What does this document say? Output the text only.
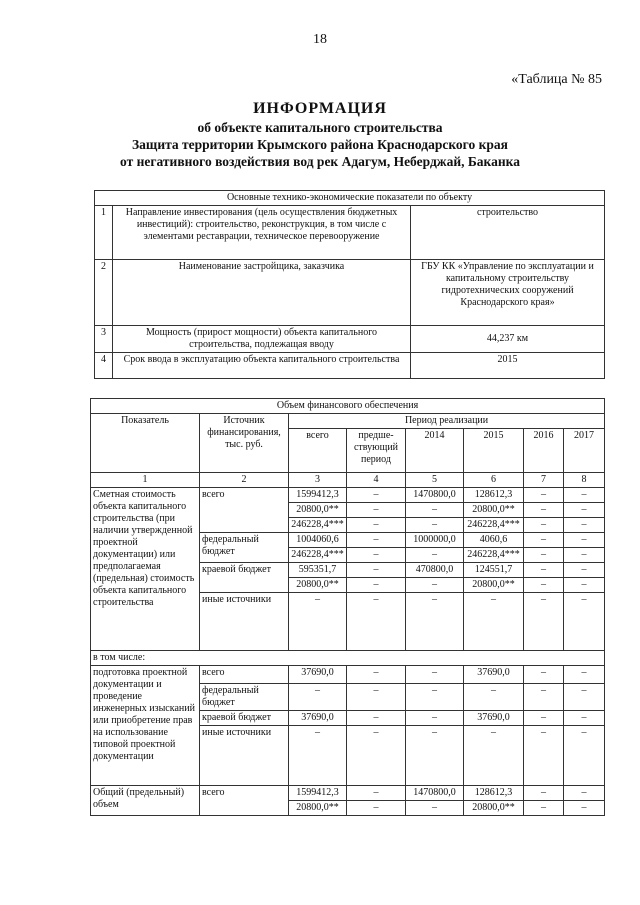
18
«Таблица № 85
ИНФОРМАЦИЯ
об объекте капитального строительства
Защита территории Крымского района Краснодарского края
от негативного воздействия вод рек Адагум, Неберджай, Баканка
Основные технико-экономические показатели по объекту		
1	Направление инвестирования (цель осуществления бюджетных инвестиций): строительство, реконструкция, в том числе с элементами реставрации, техническое перевооружение	строительство
2	Наименование застройщика, заказчика	ГБУ КК «Управление по эксплуатации и капитальному строительству гидротехнических сооружений Краснодарского края»
3	Мощность (прирост мощности) объекта капитального строительства, подлежащая вводу	44,237 км
4	Срок ввода в эксплуатацию объекта капитального строительства	2015
Объем финансового обеспечения							
Показатель	Источник финансирования, тыс. руб.	Период реализации					
		всего	предше-ствующий период	2014	2015	2016	2017
1	2	3	4	5	6	7	8
Сметная стоимость объекта капитального строительства (при наличии утвержденной проектной документации) или предполагаемая (предельная) стоимость объекта капитального строительства	всего	1599412,3	–	1470800,0	128612,3	–	–
		20800,0**	–	–	20800,0**	–	–
		246228,4***	–	–	246228,4***	–	–
	федеральный бюджет	1004060,6	–	1000000,0	4060,6	–	–
		246228,4***	–	–	246228,4***	–	–
	краевой бюджет	595351,7	–	470800,0	124551,7	–	–
		20800,0**	–	–	20800,0**	–	–
	иные источники	–	–	–	–	–	–
в том числе:							
подготовка проектной документации и проведение инженерных изысканий или приобретение прав на использование типовой проектной документации	всего	37690,0	–	–	37690,0	–	–
	федеральный бюджет	–	–	–	–	–	–
	краевой бюджет	37690,0	–	–	37690,0	–	–
	иные источники	–	–	–	–	–	–
Общий (предельный) объем	всего	1599412,3	–	1470800,0	128612,3	–	–
		20800,0**	–	–	20800,0**	–	–
